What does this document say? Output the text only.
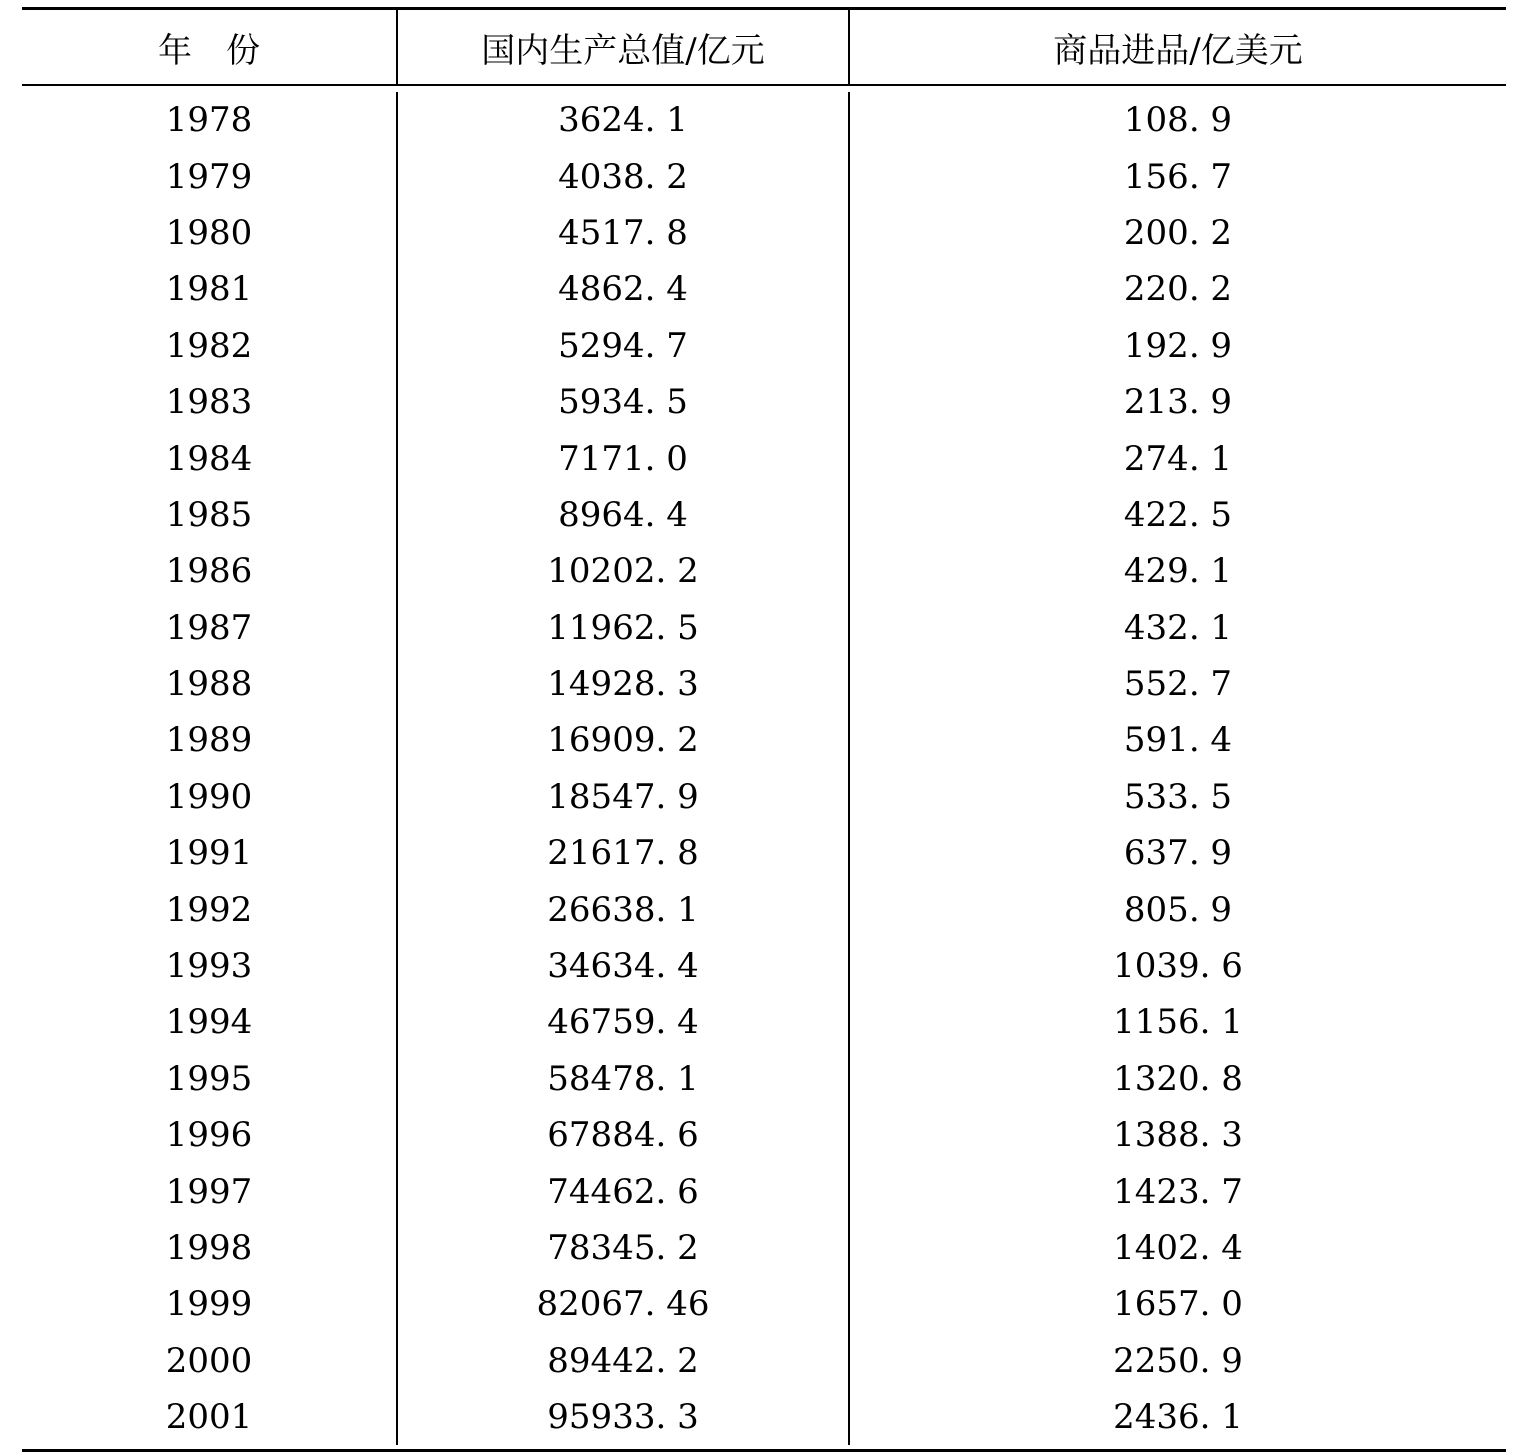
年　份	国内生产总值/亿元	商品进品/亿美元
1978	3624. 1	108. 9
1979	4038. 2	156. 7
1980	4517. 8	200. 2
1981	4862. 4	220. 2
1982	5294. 7	192. 9
1983	5934. 5	213. 9
1984	7171. 0	274. 1
1985	8964. 4	422. 5
1986	10202. 2	429. 1
1987	11962. 5	432. 1
1988	14928. 3	552. 7
1989	16909. 2	591. 4
1990	18547. 9	533. 5
1991	21617. 8	637. 9
1992	26638. 1	805. 9
1993	34634. 4	1039. 6
1994	46759. 4	1156. 1
1995	58478. 1	1320. 8
1996	67884. 6	1388. 3
1997	74462. 6	1423. 7
1998	78345. 2	1402. 4
1999	82067. 46	1657. 0
2000	89442. 2	2250. 9
2001	95933. 3	2436. 1
